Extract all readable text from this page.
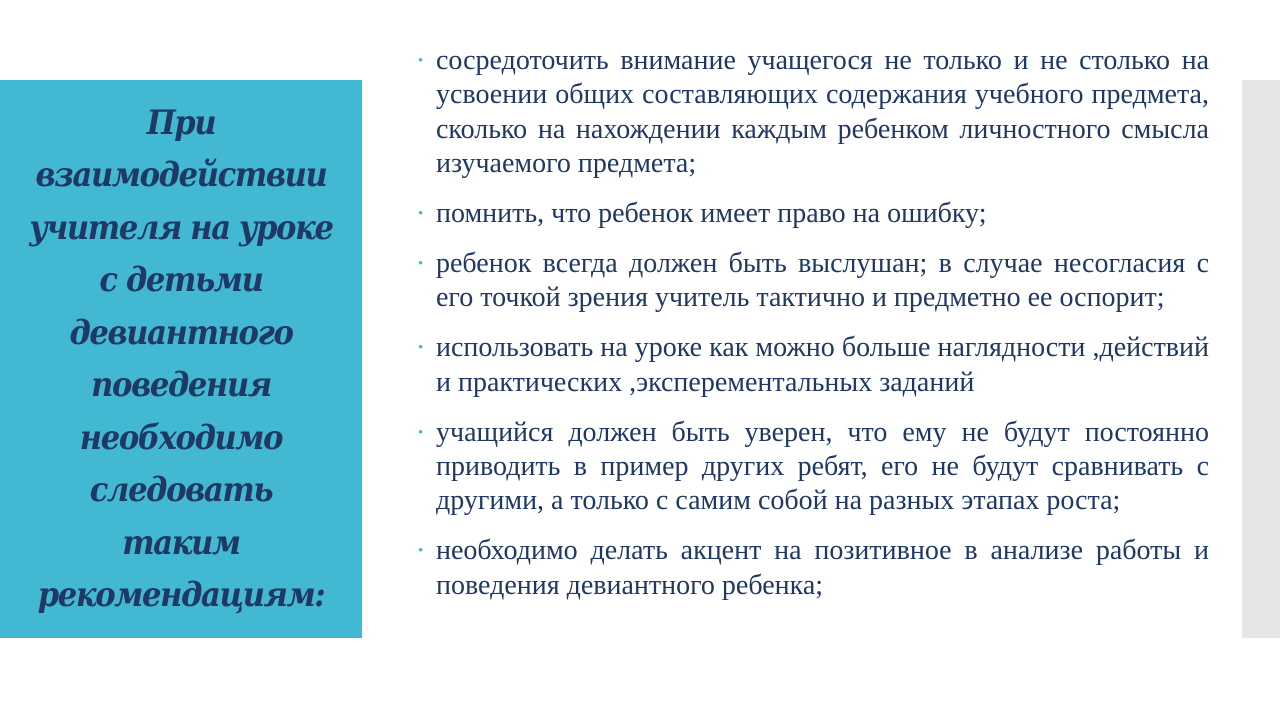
При взаимодействии учителя на уроке с детьми девиантного поведения необходимо следовать таким рекомендациям:
• сосредоточить внимание учащегося не только и не столько на усвоении общих составляющих содержания учебного предмета, сколько на нахождении каждым ребенком личностного смысла изучаемого предмета;
• помнить, что ребенок имеет право на ошибку;
• ребенок всегда должен быть выслушан; в случае несогласия с его точкой зрения учитель тактично и предметно ее оспорит;
• использовать на уроке как можно больше наглядности ,действий и практических ,эксперементальных заданий
• учащийся должен быть уверен, что ему не будут постоянно приводить в пример других ребят, его не будут сравнивать с другими, а только с самим собой на разных этапах роста;
• необходимо делать акцент на позитивное в анализе работы и поведения девиантного ребенка;
